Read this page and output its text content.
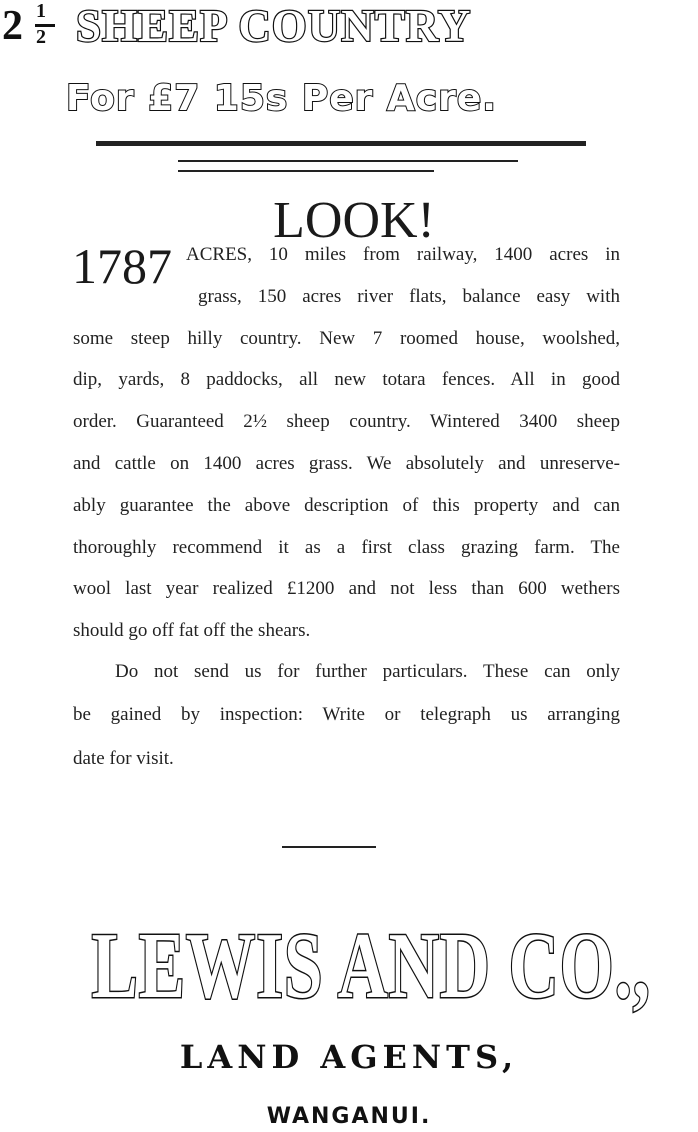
2 1
2 SHEEP COUNTRY
For £7 15s Per Acre.
LOOK!
1787 ACRES, 10 miles from railway, 1400 acres in
grass, 150 acres river flats, balance easy with
some steep hilly country. New 7 roomed house, woolshed,
dip, yards, 8 paddocks, all new totara fences. All in good
order. Guaranteed 2½ sheep country. Wintered 3400 sheep
and cattle on 1400 acres grass. We absolutely and unreserve-
ably guarantee the above description of this property and can
thoroughly recommend it as a first class grazing farm. The
wool last year realized £1200 and not less than 600 wethers
should go off fat off the shears.
Do not send us for further particulars. These can only
be gained by inspection: Write or telegraph us arranging
date for visit.
LEWIS AND CO.,
LAND AGENTS,
WANGANUI.
